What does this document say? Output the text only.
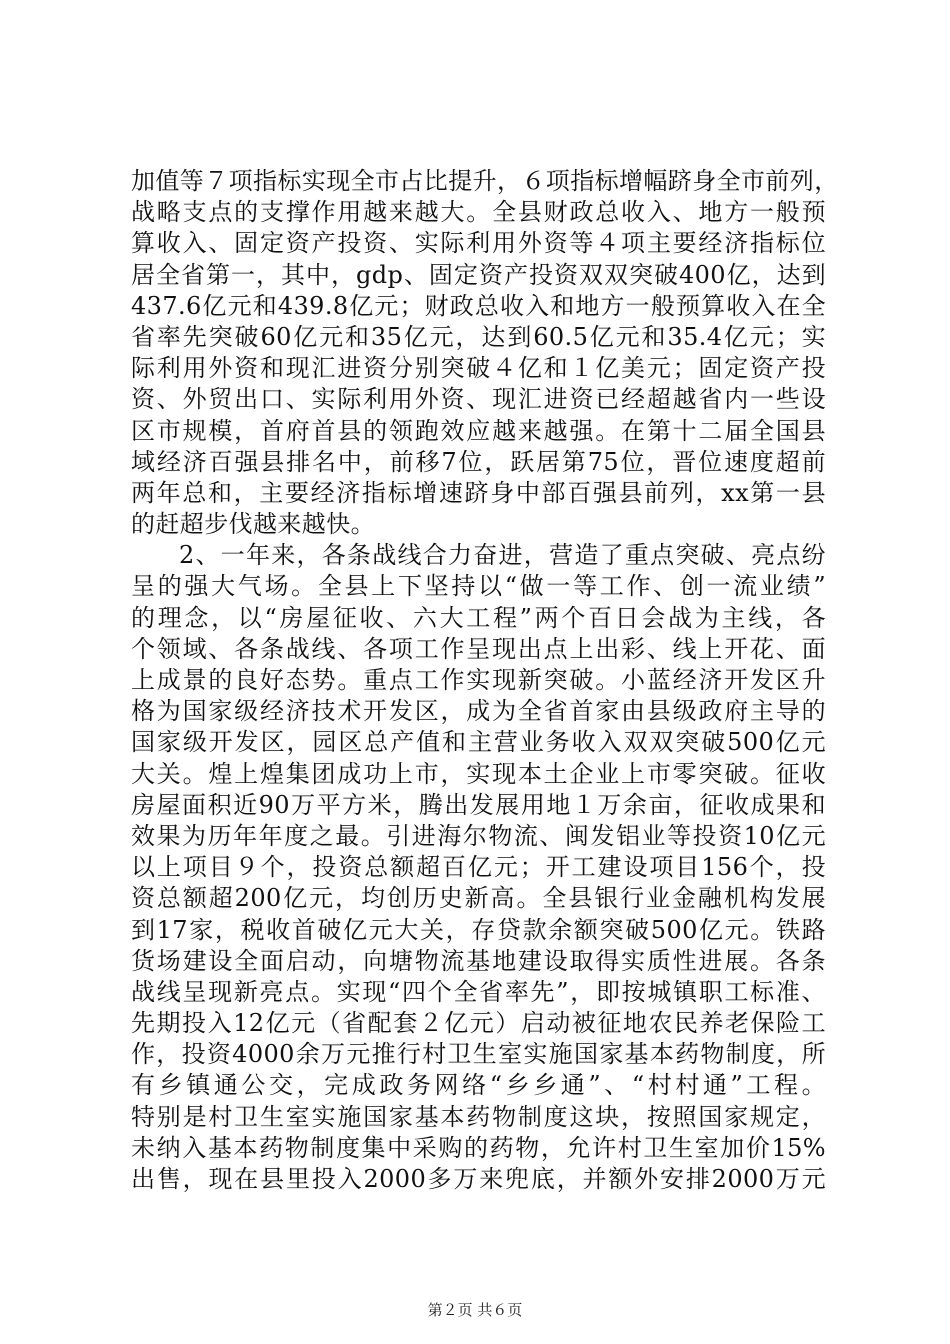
加值等７项指标实现全市占比提升，６项指标增幅跻身全市前列，
战略支点的支撑作用越来越大。全县财政总收入、地方一般预
算收入、固定资产投资、实际利用外资等４项主要经济指标位
居全省第一，其中，gdp、固定资产投资双双突破400亿，达到
437.6亿元和439.8亿元；财政总收入和地方一般预算收入在全
省率先突破60亿元和35亿元，达到60.5亿元和35.4亿元；实
际利用外资和现汇进资分别突破４亿和１亿美元；固定资产投
资、外贸出口、实际利用外资、现汇进资已经超越省内一些设
区市规模，首府首县的领跑效应越来越强。在第十二届全国县
域经济百强县排名中，前移7位，跃居第75位，晋位速度超前
两年总和，主要经济指标增速跻身中部百强县前列，xx第一县
的赶超步伐越来越快。
2、一年来，各条战线合力奋进，营造了重点突破、亮点纷
呈的强大气场。全县上下坚持以“做一等工作、创一流业绩”
的理念，以“房屋征收、六大工程”两个百日会战为主线，各
个领域、各条战线、各项工作呈现出点上出彩、线上开花、面
上成景的良好态势。重点工作实现新突破。小蓝经济开发区升
格为国家级经济技术开发区，成为全省首家由县级政府主导的
国家级开发区，园区总产值和主营业务收入双双突破500亿元
大关。煌上煌集团成功上市，实现本土企业上市零突破。征收
房屋面积近90万平方米，腾出发展用地１万余亩，征收成果和
效果为历年年度之最。引进海尔物流、闽发铝业等投资10亿元
以上项目９个，投资总额超百亿元；开工建设项目156个，投
资总额超200亿元，均创历史新高。全县银行业金融机构发展
到17家，税收首破亿元大关，存贷款余额突破500亿元。铁路
货场建设全面启动，向塘物流基地建设取得实质性进展。各条
战线呈现新亮点。实现“四个全省率先”，即按城镇职工标准、
先期投入12亿元（省配套２亿元）启动被征地农民养老保险工
作，投资4000余万元推行村卫生室实施国家基本药物制度，所
有乡镇通公交，完成政务网络“乡乡通”、“村村通”工程。
特别是村卫生室实施国家基本药物制度这块，按照国家规定，
未纳入基本药物制度集中采购的药物，允许村卫生室加价15%
出售，现在县里投入2000多万来兜底，并额外安排2000万元
第２页 共６页
